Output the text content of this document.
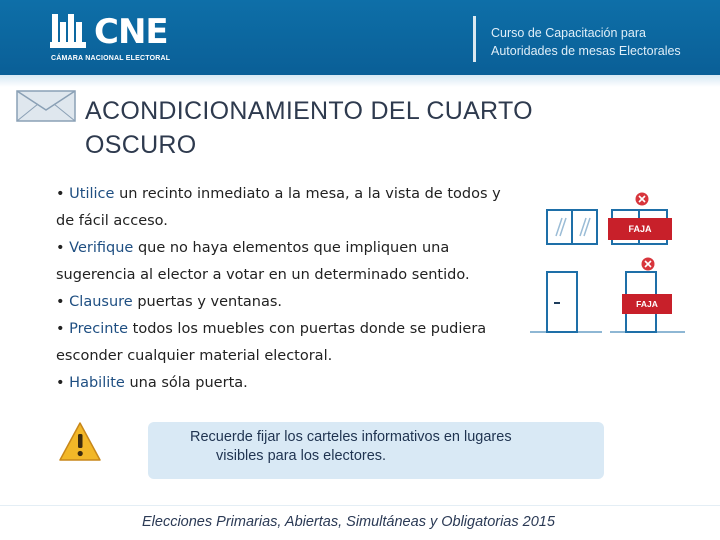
CNE
CÁMARA NACIONAL ELECTORAL
Curso de Capacitación para
Autoridades de mesas Electorales
ACONDICIONAMIENTO DEL CUARTO
OSCURO
• Utilice un recinto inmediato a la mesa, a la vista de todos y
de fácil acceso.
• Verifique que no haya elementos que impliquen una
sugerencia al elector a votar en un determinado sentido.
• Clausure puertas y ventanas.
• Precinte todos los muebles con puertas donde se pudiera
esconder cualquier material electoral.
• Habilite una sóla puerta.
FAJA
FAJA
Recuerde fijar los carteles informativos en lugares
visibles para los electores.
Elecciones Primarias, Abiertas, Simultáneas y Obligatorias 2015
